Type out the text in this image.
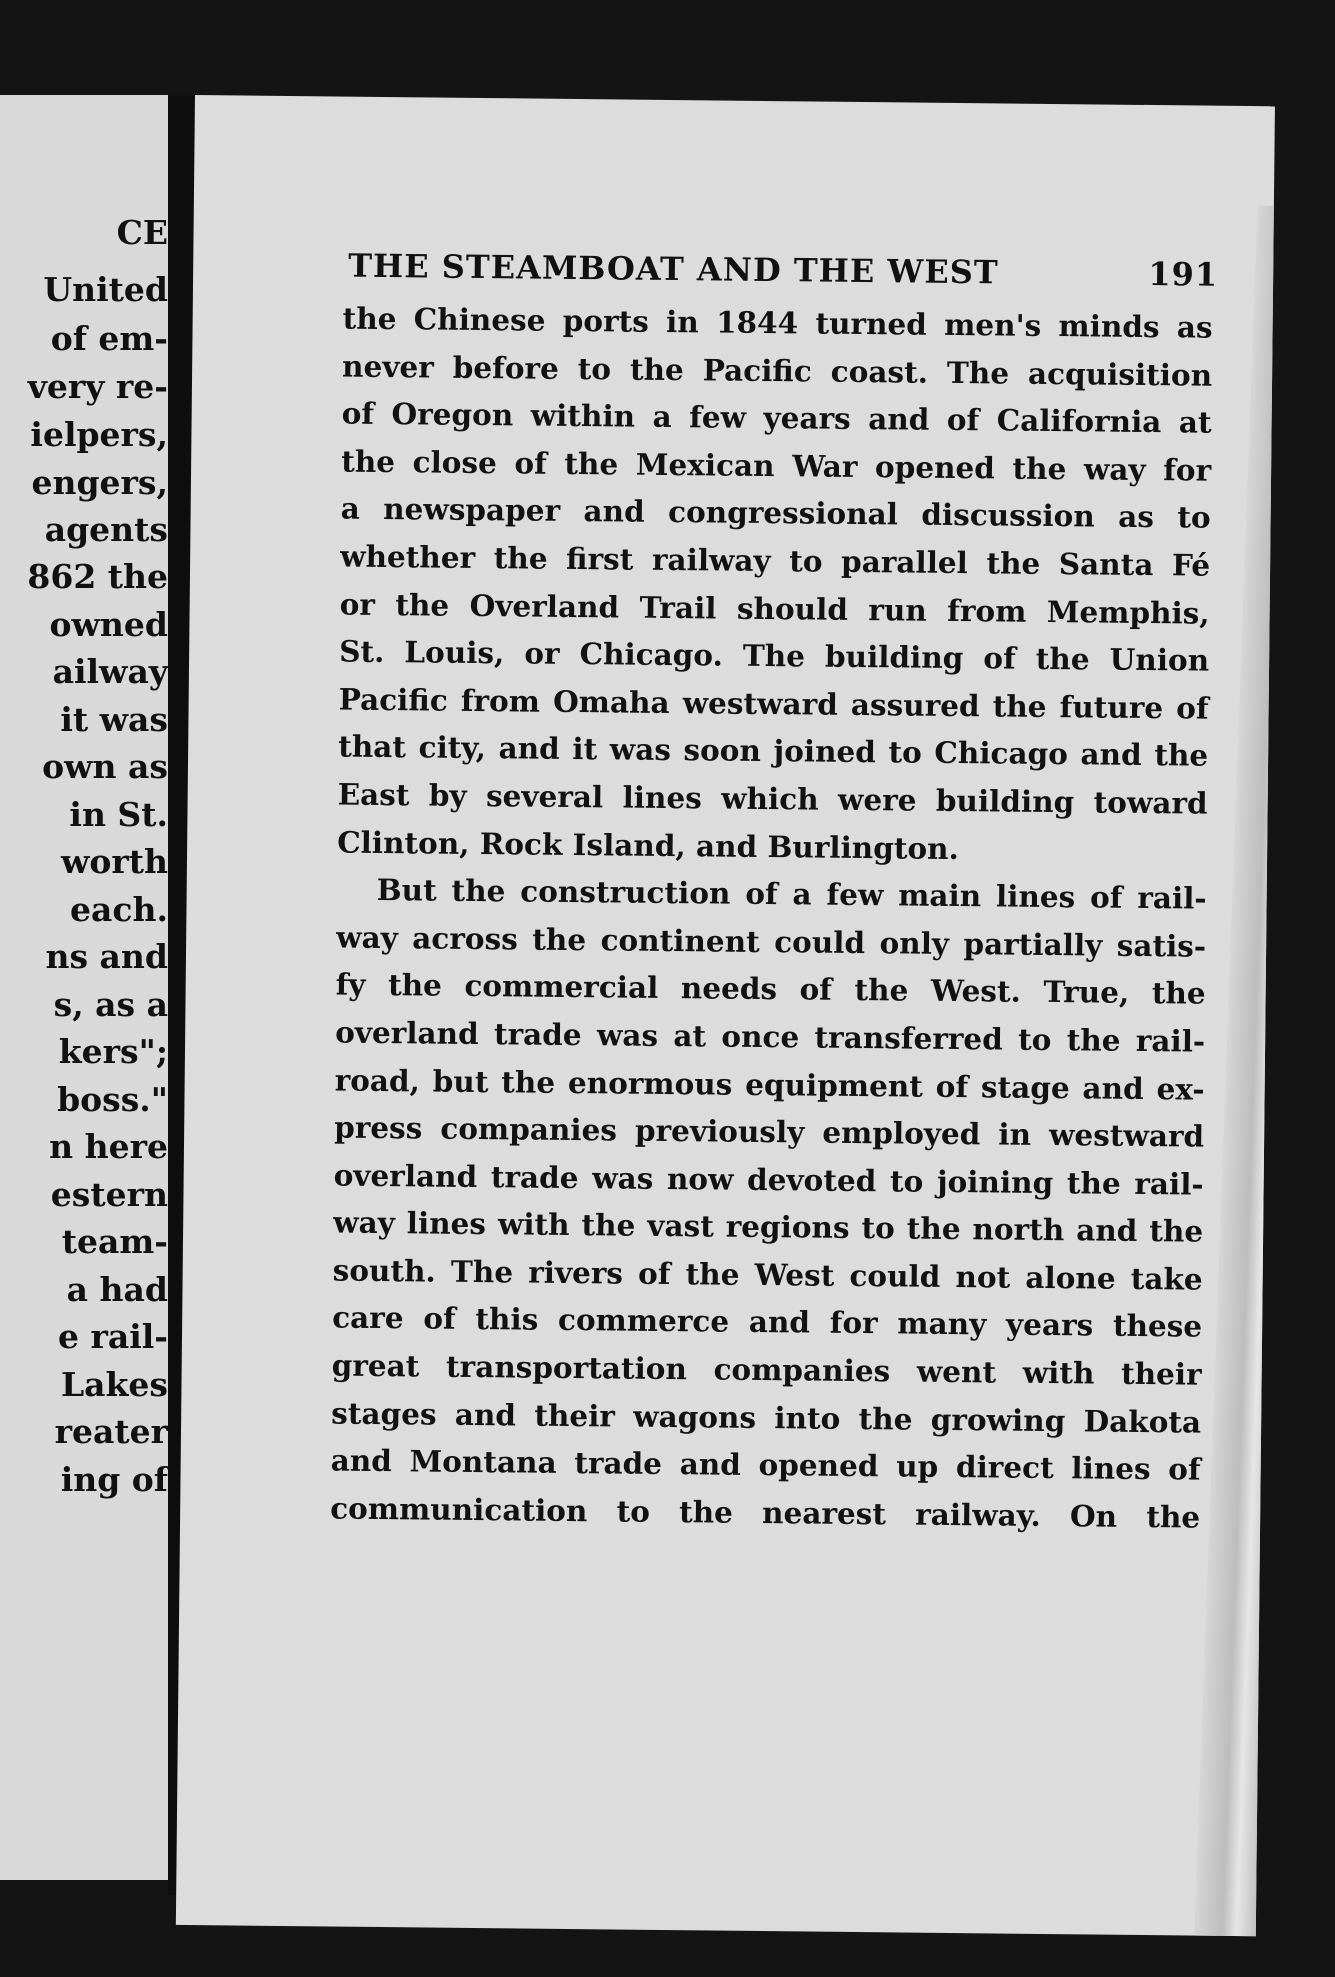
CE
United
of em-
very re-
ielpers,
engers,
agents
862 the
owned
ailway
it was
own as
in St.
worth
each.
ns and
s, as a
kers";
boss."
n here
estern
team-
a had
e rail-
Lakes
reater
ing of
THE STEAMBOAT AND THE WEST	191
the Chinese ports in 1844 turned men's minds as
never before to the Pacific coast. The acquisition
of Oregon within a few years and of California at
the close of the Mexican War opened the way for
a newspaper and congressional discussion as to
whether the first railway to parallel the Santa Fé
or the Overland Trail should run from Memphis,
St. Louis, or Chicago. The building of the Union
Pacific from Omaha westward assured the future of
that city, and it was soon joined to Chicago and the
East by several lines which were building toward
Clinton, Rock Island, and Burlington.
But the construction of a few main lines of rail-
way across the continent could only partially satis-
fy the commercial needs of the West. True, the
overland trade was at once transferred to the rail-
road, but the enormous equipment of stage and ex-
press companies previously employed in westward
overland trade was now devoted to joining the rail-
way lines with the vast regions to the north and the
south. The rivers of the West could not alone take
care of this commerce and for many years these
great transportation companies went with their
stages and their wagons into the growing Dakota
and Montana trade and opened up direct lines of
communication to the nearest railway. On the
